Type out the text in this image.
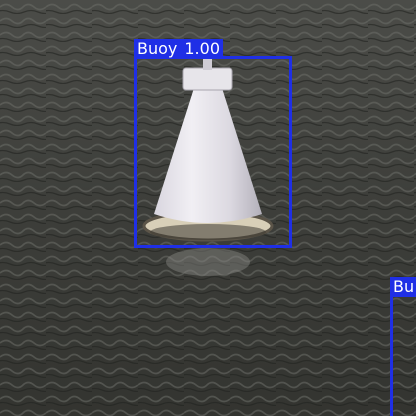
Buoy 1.00
Bu
